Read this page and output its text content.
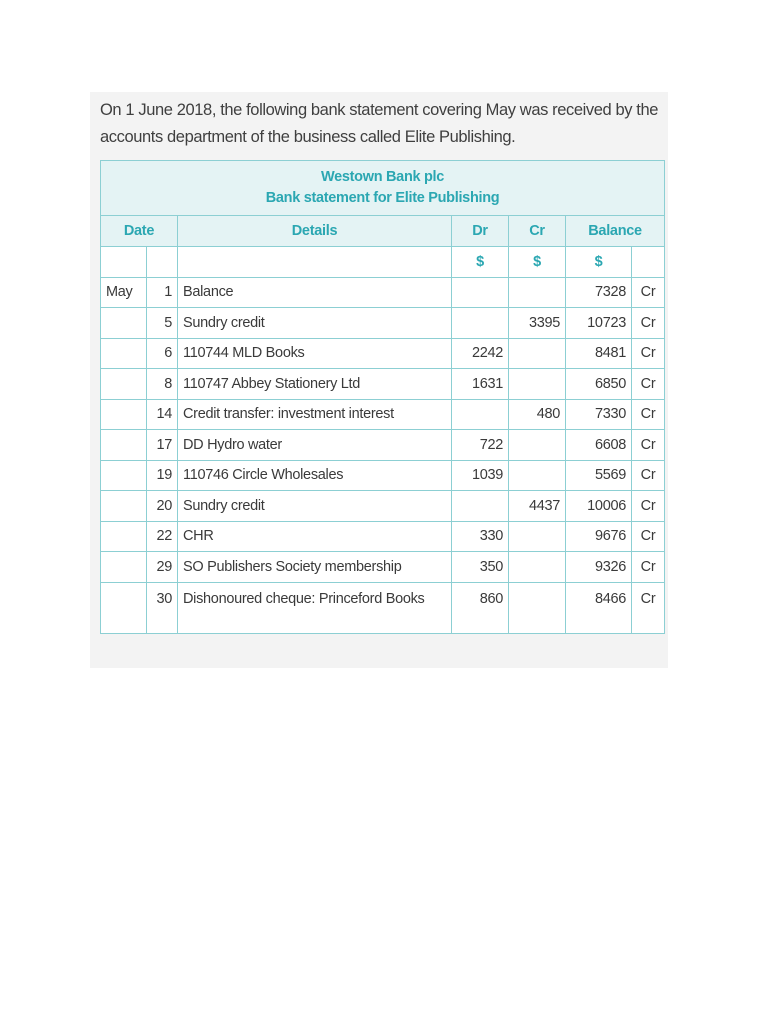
On 1 June 2018, the following bank statement covering May was received by the accounts department of the business called Elite Publishing.

Westown Bank plc
Bank statement for Elite Publishing						

Date		Details	Dr	Cr	Balance	
			$	$	$	
May	1	Balance			7328	Cr
	5	Sundry credit		3395	10723	Cr
	6	110744 MLD Books	2242		8481	Cr
	8	110747 Abbey Stationery Ltd	1631		6850	Cr
	14	Credit transfer: investment interest		480	7330	Cr
	17	DD Hydro water	722		6608	Cr
	19	110746 Circle Wholesales	1039		5569	Cr
	20	Sundry credit		4437	10006	Cr
	22	CHR	330		9676	Cr
	29	SO Publishers Society membership	350		9326	Cr
	30	Dishonoured cheque: Princeford Books	860		8466	Cr
